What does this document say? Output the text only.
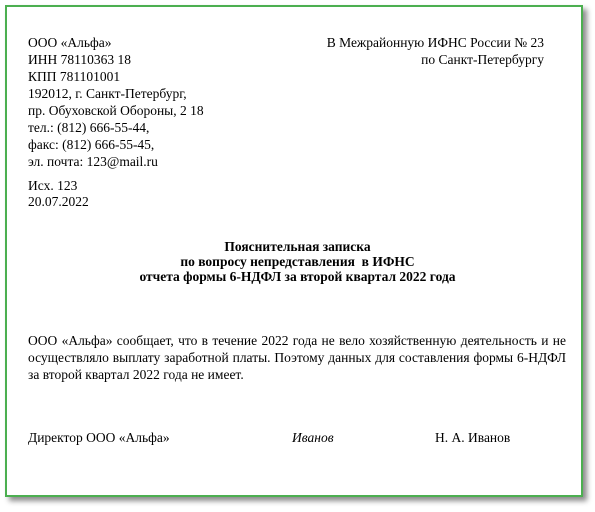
ООО «Альфа»
ИНН 78110363 18
КПП 781101001
192012, г. Санкт-Петербург,
пр. Обуховской Обороны, 2 18
тел.: (812) 666-55-44,
факс: (812) 666-55-45,
эл. почта: 123@mail.ru
В Межрайонную ИФНС России № 23
по Санкт-Петербургу
Исх. 123
20.07.2022
Пояснительная записка
по вопросу непредставления  в ИФНС
отчета формы 6-НДФЛ за второй квартал 2022 года
ООО «Альфа» сообщает, что в течение 2022 года не вело хозяйственную деятельность и не осуществляло выплату заработной платы. Поэтому данных для составления формы 6-НДФЛ за второй квартал 2022 года не имеет.
Директор ООО «Альфа»	Иванов	Н. А. Иванов
